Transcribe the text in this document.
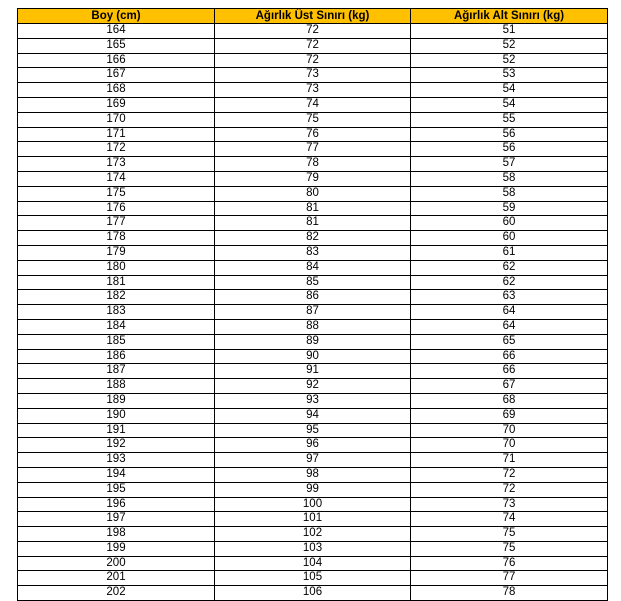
Boy (cm)	Ağırlık Üst Sınırı (kg)	Ağırlık Alt Sınırı (kg)
164	72	51
165	72	52
166	72	52
167	73	53
168	73	54
169	74	54
170	75	55
171	76	56
172	77	56
173	78	57
174	79	58
175	80	58
176	81	59
177	81	60
178	82	60
179	83	61
180	84	62
181	85	62
182	86	63
183	87	64
184	88	64
185	89	65
186	90	66
187	91	66
188	92	67
189	93	68
190	94	69
191	95	70
192	96	70
193	97	71
194	98	72
195	99	72
196	100	73
197	101	74
198	102	75
199	103	75
200	104	76
201	105	77
202	106	78
